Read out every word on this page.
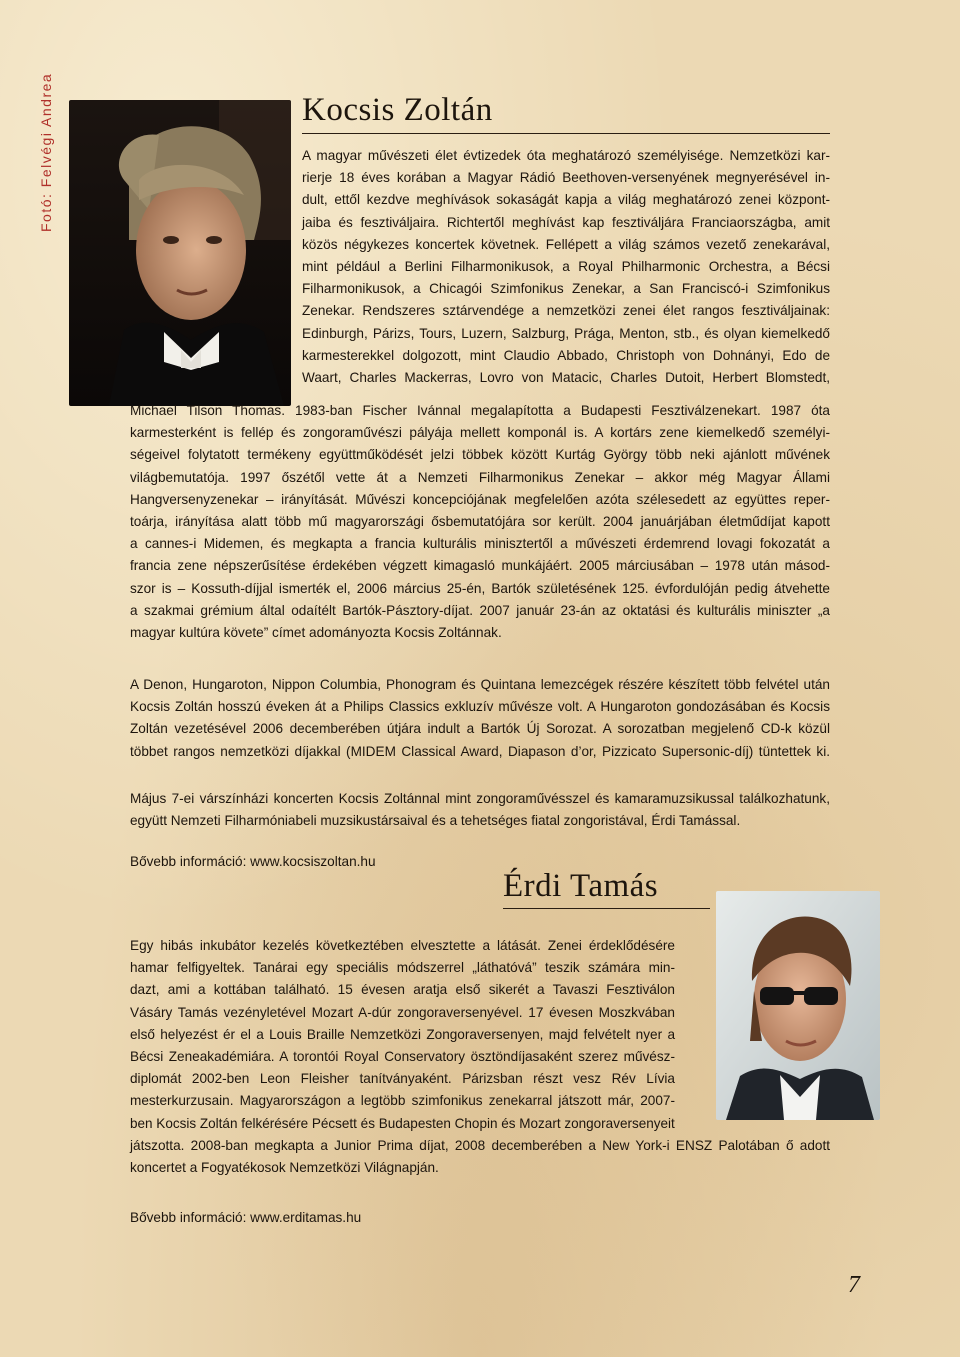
Fotó: Felvégi Andrea	Kocsis Zoltán
A magyar művészeti élet évtizedek óta meghatározó személyisége. Nemzetközi kar-
rierje 18 éves korában a Magyar Rádió Beethoven-versenyének megnyerésével in-
dult, ettől kezdve meghívások sokaságát kapja a világ meghatározó zenei központ-
jaiba és fesztiváljaira. Richtertől meghívást kap fesztiváljára Franciaországba, amit
közös négykezes koncertek követnek. Fellépett a világ számos vezető zenekarával,
mint például a Berlini Filharmonikusok, a Royal Philharmonic Orchestra, a Bécsi
Filharmonikusok, a Chicagói Szimfonikus Zenekar, a San Franciscó-i Szimfonikus
Zenekar. Rendszeres sztárvendége a nemzetközi zenei élet rangos fesztiváljainak:
Edinburgh, Párizs, Tours, Luzern, Salzburg, Prága, Menton, stb., és olyan kiemelkedő
karmesterekkel dolgozott, mint Claudio Abbado, Christoph von Dohnányi, Edo de
Waart, Charles Mackerras, Lovro von Matacic, Charles Dutoit, Herbert Blomstedt,
Michael Tilson Thomas. 1983-ban Fischer Ivánnal megalapította a Budapesti Fesztiválzenekart. 1987 óta
karmesterként is fellép és zongoraművészi pályája mellett komponál is. A kortárs zene kiemelkedő személyi-
ségeivel folytatott termékeny együttműködését jelzi többek között Kurtág György több neki ajánlott művének
világbemutatója. 1997 őszétől vette át a Nemzeti Filharmonikus Zenekar – akkor még Magyar Állami
Hangversenyzenekar – irányítását. Művészi koncepciójának megfelelően azóta szélesedett az együttes reper-
toárja, irányítása alatt több mű magyarországi ősbemutatójára sor került. 2004 januárjában életműdíjat kapott
a cannes-i Midemen, és megkapta a francia kulturális minisztertől a művészeti érdemrend lovagi fokozatát a
francia zene népszerűsítése érdekében végzett kimagasló munkájáért. 2005 márciusában – 1978 után másod-
szor is – Kossuth-díjjal ismerték el, 2006 március 25-én, Bartók születésének 125. évfordulóján pedig átvehette
a szakmai grémium által odaítélt Bartók-Pásztory-díjat. 2007 január 23-án az oktatási és kulturális miniszter „a
magyar kultúra követe” címet adományozta Kocsis Zoltánnak.
A Denon, Hungaroton, Nippon Columbia, Phonogram és Quintana lemezcégek részére készített több felvétel után
Kocsis Zoltán hosszú éveken át a Philips Classics exkluzív művésze volt. A Hungaroton gondozásában és Kocsis
Zoltán vezetésével 2006 decemberében útjára indult a Bartók Új Sorozat. A sorozatban megjelenő CD-k közül
többet rangos nemzetközi díjakkal (MIDEM Classical Award, Diapason d’or, Pizzicato Supersonic-díj) tüntettek ki.
Május 7-ei várszínházi koncerten Kocsis Zoltánnal mint zongoraművésszel és kamaramuzsikussal találkozhatunk,
együtt Nemzeti Filharmóniabeli muzsikustársaival és a tehetséges fiatal zongoristával, Érdi Tamással.
Bővebb információ: www.kocsiszoltan.hu
Érdi Tamás
Egy hibás inkubátor kezelés következtében elvesztette a látását. Zenei érdeklődésére
hamar felfigyeltek. Tanárai egy speciális módszerrel „láthatóvá” teszik számára min-
dazt, ami a kottában található. 15 évesen aratja első sikerét a Tavaszi Fesztiválon
Vásáry Tamás vezényletével Mozart A-dúr zongoraversenyével. 17 évesen Moszkvában
első helyezést ér el a Louis Braille Nemzetközi Zongoraversenyen, majd felvételt nyer a
Bécsi Zeneakadémiára. A torontói Royal Conservatory ösztöndíjasaként szerez művész-
diplomát 2002-ben Leon Fleisher tanítványaként. Párizsban részt vesz Rév Lívia
mesterkurzusain. Magyarországon a legtöbb szimfonikus zenekarral játszott már, 2007-
ben Kocsis Zoltán felkérésére Pécsett és Budapesten Chopin és Mozart zongoraversenyeit
játszotta. 2008-ban megkapta a Junior Prima díjat, 2008 decemberében a New York-i ENSZ Palotában ő adott
koncertet a Fogyatékosok Nemzetközi Világnapján.
Bővebb információ: www.erditamas.hu
7
